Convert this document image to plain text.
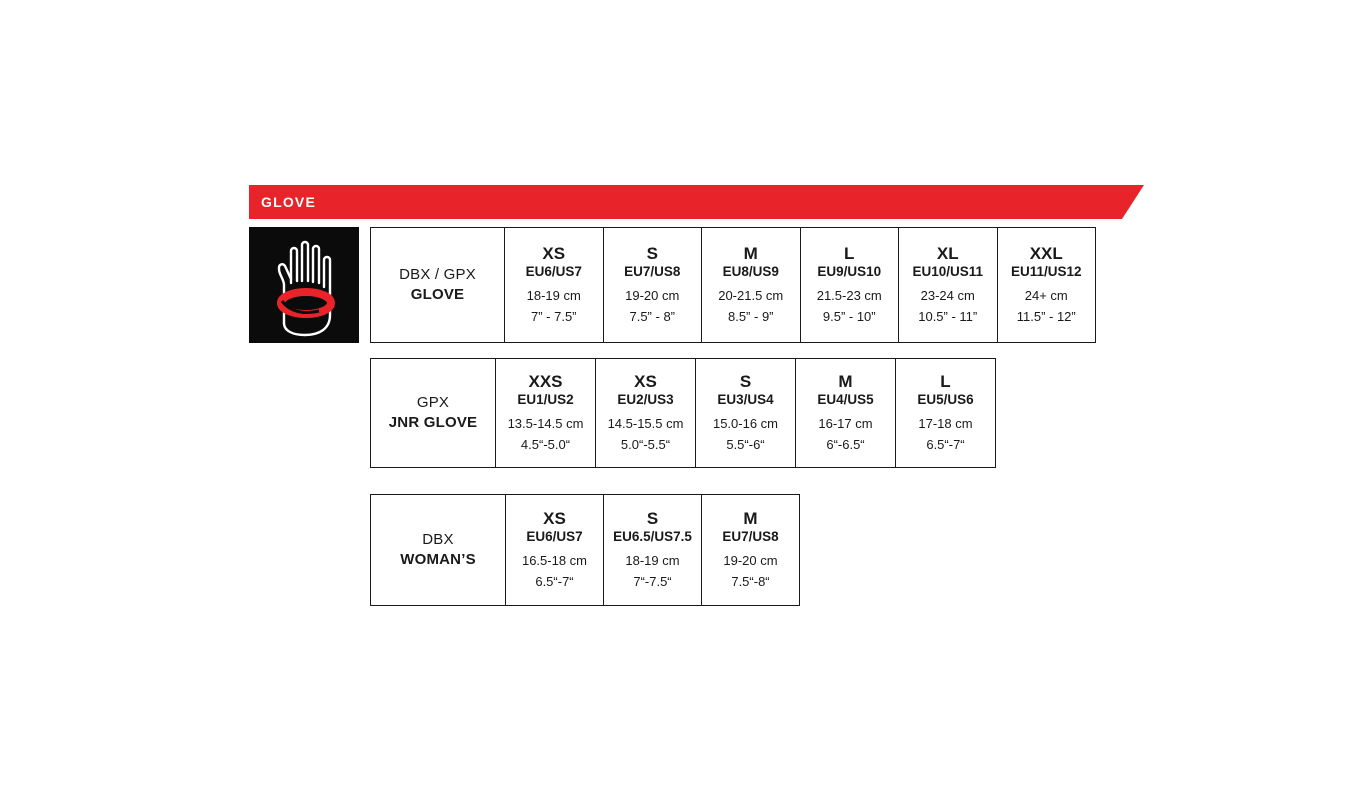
GLOVE
DBX / GPX
GLOVE
XS
EU6/US7
18-19 cm
7” - 7.5”
S
EU7/US8
19-20 cm
7.5” - 8”
M
EU8/US9
20-21.5 cm
8.5” - 9”
L
EU9/US10
21.5-23 cm
9.5” - 10”
XL
EU10/US11
23-24 cm
10.5” - 11”
XXL
EU11/US12
24+ cm
11.5” - 12”
GPX
JNR GLOVE
XXS
EU1/US2
13.5-14.5 cm
4.5“-5.0“
XS
EU2/US3
14.5-15.5 cm
5.0“-5.5“
S
EU3/US4
15.0-16 cm
5.5“-6“
M
EU4/US5
16-17 cm
6“-6.5“
L
EU5/US6
17-18 cm
6.5“-7“
DBX
WOMAN’S
XS
EU6/US7
16.5-18 cm
6.5“-7“
S
EU6.5/US7.5
18-19 cm
7“-7.5“
M
EU7/US8
19-20 cm
7.5“-8“
